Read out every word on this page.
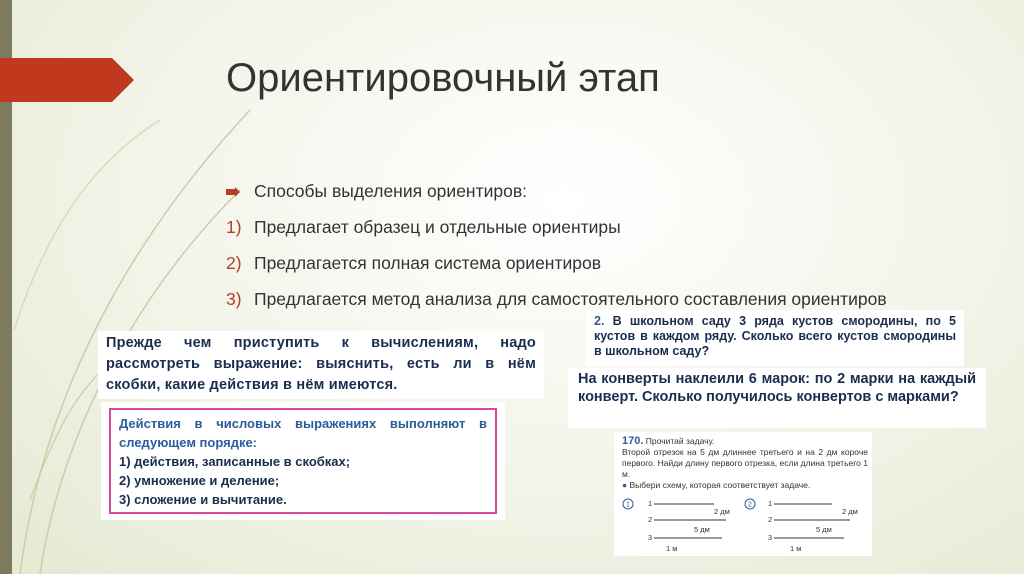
Ориентировочный этап
Способы выделения ориентиров:
1) Предлагает образец и отдельные ориентиры
2) Предлагается полная система ориентиров
3) Предлагается метод анализа для самостоятельного составления ориентиров
Прежде чем приступить к вычислениям, надо рассмотреть выражение: выяснить, есть ли в нём скобки, какие действия в нём имеются.
Действия в числовых выражениях выполняют в следующем порядке:
1) действия, записанные в скобках;
2) умножение и деление;
3) сложение и вычитание.
2. В школьном саду 3 ряда кустов смородины, по 5 кустов в каждом ряду. Сколько всего кустов смородины в школьном саду?
На конверты наклеили 6 марок: по 2 марки на каждый конверт. Сколько получилось конвертов с марками?
170. Прочитай задачу.
Второй отрезок на 5 дм длиннее третьего и на 2 дм короче первого. Найди длину первого отрезка, если длина третьего 1 м.
● Выбери схему, которая соответствует задаче.
1 1
2
2 дм
3
5 дм
1 м
2 1
2
2 дм
3
5 дм
1 м
